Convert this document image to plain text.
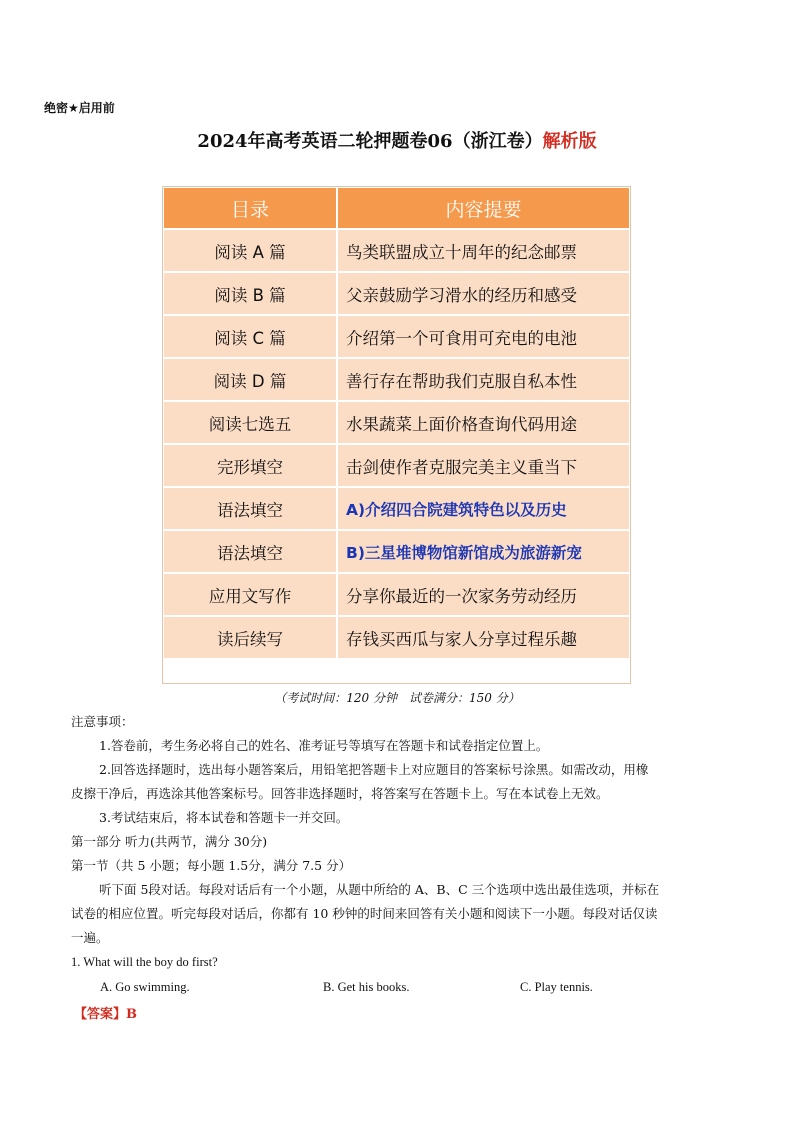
绝密★启用前
2024年高考英语二轮押题卷06（浙江卷）解析版
目录	内容提要
阅读 A 篇	鸟类联盟成立十周年的纪念邮票
阅读 B 篇	父亲鼓励学习滑水的经历和感受
阅读 C 篇	介绍第一个可食用可充电的电池
阅读 D 篇	善行存在帮助我们克服自私本性
阅读七选五	水果蔬菜上面价格查询代码用途
完形填空	击剑使作者克服完美主义重当下
语法填空	A)介绍四合院建筑特色以及历史
语法填空	B)三星堆博物馆新馆成为旅游新宠
应用文写作	分享你最近的一次家务劳动经历
读后续写	存钱买西瓜与家人分享过程乐趣
（考试时间：120 分钟　试卷满分：150 分）
注意事项：
1.答卷前，考生务必将自己的姓名、准考证号等填写在答题卡和试卷指定位置上。
2.回答选择题时，选出每小题答案后，用铅笔把答题卡上对应题目的答案标号涂黑。如需改动，用橡
皮擦干净后，再选涂其他答案标号。回答非选择题时，将答案写在答题卡上。写在本试卷上无效。
3.考试结束后，将本试卷和答题卡一并交回。
第一部分 听力(共两节，满分 30分)
第一节（共 5 小题；每小题 1.5分，满分 7.5 分）
听下面 5段对话。每段对话后有一个小题，从题中所给的 A、B、C 三个选项中选出最佳选项，并标在
试卷的相应位置。听完每段对话后，你都有 10 秒钟的时间来回答有关小题和阅读下一小题。每段对话仅读
一遍。
1. What will the boy do first?
A. Go swimming.	B. Get his books.	C. Play tennis.
【答案】B
